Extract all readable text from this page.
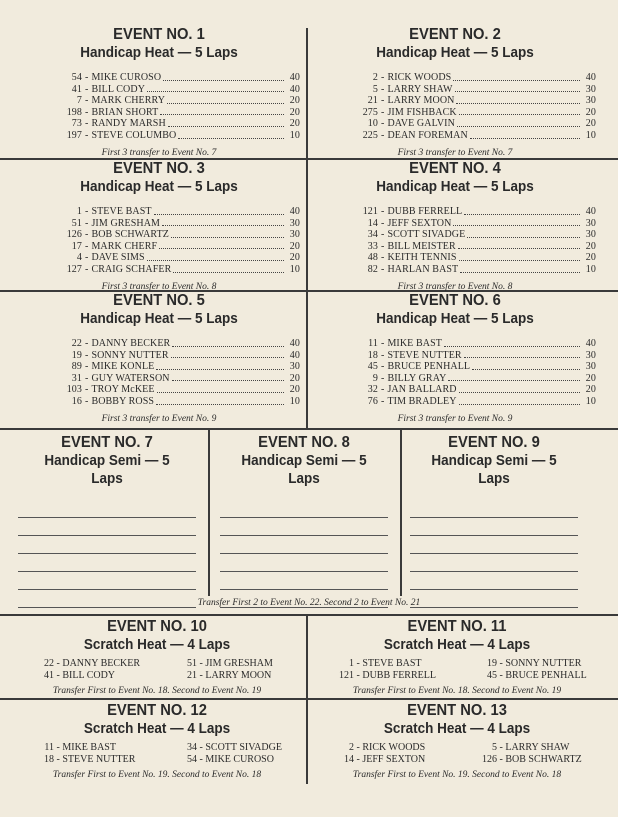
EVENT NO. 1
Handicap Heat — 5 Laps
54 - MIKE CUROSO	40
41 - BILL CODY	40
7 - MARK CHERRY	20
198 - BRIAN SHORT	20
73 - RANDY MARSH	20
197 - STEVE COLUMBO	10
First 3 transfer to Event No. 7
EVENT NO. 2
Handicap Heat — 5 Laps
2 - RICK WOODS	40
5 - LARRY SHAW	30
21 - LARRY MOON	30
275 - JIM FISHBACK	20
10 - DAVE GALVIN	20
225 - DEAN FOREMAN	10
First 3 transfer to Event No. 7
EVENT NO. 3
Handicap Heat — 5 Laps
1 - STEVE BAST	40
51 - JIM GRESHAM	30
126 - BOB SCHWARTZ	30
17 - MARK CHERF	20
4 - DAVE SIMS	20
127 - CRAIG SCHAFER	10
First 3 transfer to Event No. 8
EVENT NO. 4
Handicap Heat — 5 Laps
121 - DUBB FERRELL	40
14 - JEFF SEXTON	30
34 - SCOTT SIVADGE	30
33 - BILL MEISTER	20
48 - KEITH TENNIS	20
82 - HARLAN BAST	10
First 3 transfer to Event No. 8
EVENT NO. 5
Handicap Heat — 5 Laps
22 - DANNY BECKER	40
19 - SONNY NUTTER	40
89 - MIKE KONLE	30
31 - GUY WATERSON	20
103 - TROY McKEE	20
16 - BOBBY ROSS	10
First 3 transfer to Event No. 9
EVENT NO. 6
Handicap Heat — 5 Laps
11 - MIKE BAST	40
18 - STEVE NUTTER	30
45 - BRUCE PENHALL	30
9 - BILLY GRAY	20
32 - JAN BALLARD	20
76 - TIM BRADLEY	10
First 3 transfer to Event No. 9
EVENT NO. 7
Handicap Semi — 5 Laps
EVENT NO. 8
Handicap Semi — 5 Laps
EVENT NO. 9
Handicap Semi — 5 Laps
Transfer First 2 to Event No. 22. Second 2 to Event No. 21
EVENT NO. 10
Scratch Heat — 4 Laps
22 - DANNY BECKER	51 - JIM GRESHAM
41 - BILL CODY	21 - LARRY MOON
Transfer First to Event No. 18. Second to Event No. 19
EVENT NO. 11
Scratch Heat — 4 Laps
1 - STEVE BAST	19 - SONNY NUTTER
121 - DUBB FERRELL	45 - BRUCE PENHALL
Transfer First to Event No. 18. Second to Event No. 19
EVENT NO. 12
Scratch Heat — 4 Laps
11 - MIKE BAST	34 - SCOTT SIVADGE
18 - STEVE NUTTER	54 - MIKE CUROSO
Transfer First to Event No. 19. Second to Event No. 18
EVENT NO. 13
Scratch Heat — 4 Laps
2 - RICK WOODS	5 - LARRY SHAW
14 - JEFF SEXTON	126 - BOB SCHWARTZ
Transfer First to Event No. 19. Second to Event No. 18
